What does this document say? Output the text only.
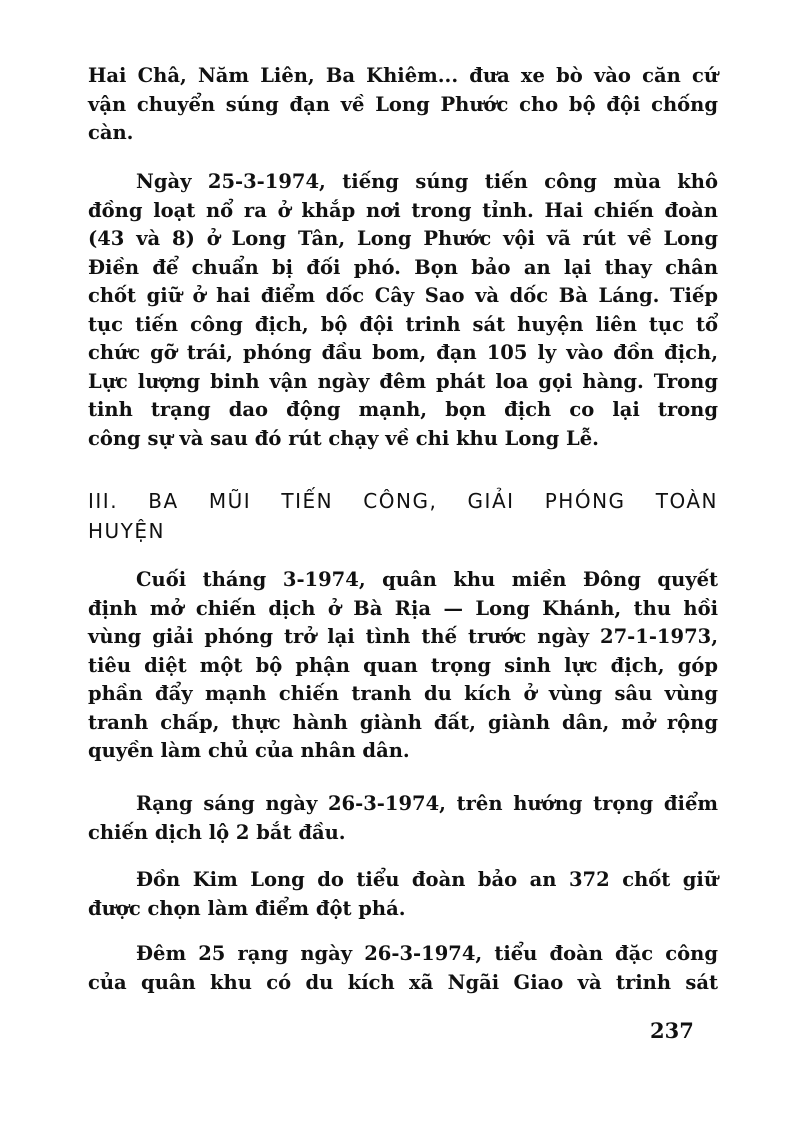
Hai Châ, Năm Liên, Ba Khiêm... đưa xe bò vào căn cứ
vận chuyển súng đạn về Long Phước cho bộ đội chống
càn.

Ngày 25-3-1974, tiếng súng tiến công mùa khô
đồng loạt nổ ra ở khắp nơi trong tỉnh. Hai chiến đoàn
(43 và 8) ở Long Tân, Long Phước vội vã rút về Long
Điền để chuẩn bị đối phó. Bọn bảo an lại thay chân
chốt giữ ở hai điểm dốc Cây Sao và dốc Bà Láng. Tiếp
tục tiến công địch, bộ đội trinh sát huyện liên tục tổ
chức gỡ trái, phóng đầu bom, đạn 105 ly vào đồn địch,
Lực lượng binh vận ngày đêm phát loa gọi hàng. Trong
tinh trạng dao động mạnh, bọn địch co lại trong
công sự và sau đó rút chạy về chi khu Long Lễ.

III. BA MŨI TIẾN CÔNG, GIẢI PHÓNG TOÀN
HUYỆN

Cuối tháng 3-1974, quân khu miền Đông quyết
định mở chiến dịch ở Bà Rịa — Long Khánh, thu hồi
vùng giải phóng trở lại tình thế trước ngày 27-1-1973,
tiêu diệt một bộ phận quan trọng sinh lực địch, góp
phần đẩy mạnh chiến tranh du kích ở vùng sâu vùng
tranh chấp, thực hành giành đất, giành dân, mở rộng
quyền làm chủ của nhân dân.

Rạng sáng ngày 26-3-1974, trên hướng trọng điểm
chiến dịch lộ 2 bắt đầu.

Đồn Kim Long do tiểu đoàn bảo an 372 chốt giữ
được chọn làm điểm đột phá.

Đêm 25 rạng ngày 26-3-1974, tiểu đoàn đặc công
của quân khu có du kích xã Ngãi Giao và trinh sát

237
